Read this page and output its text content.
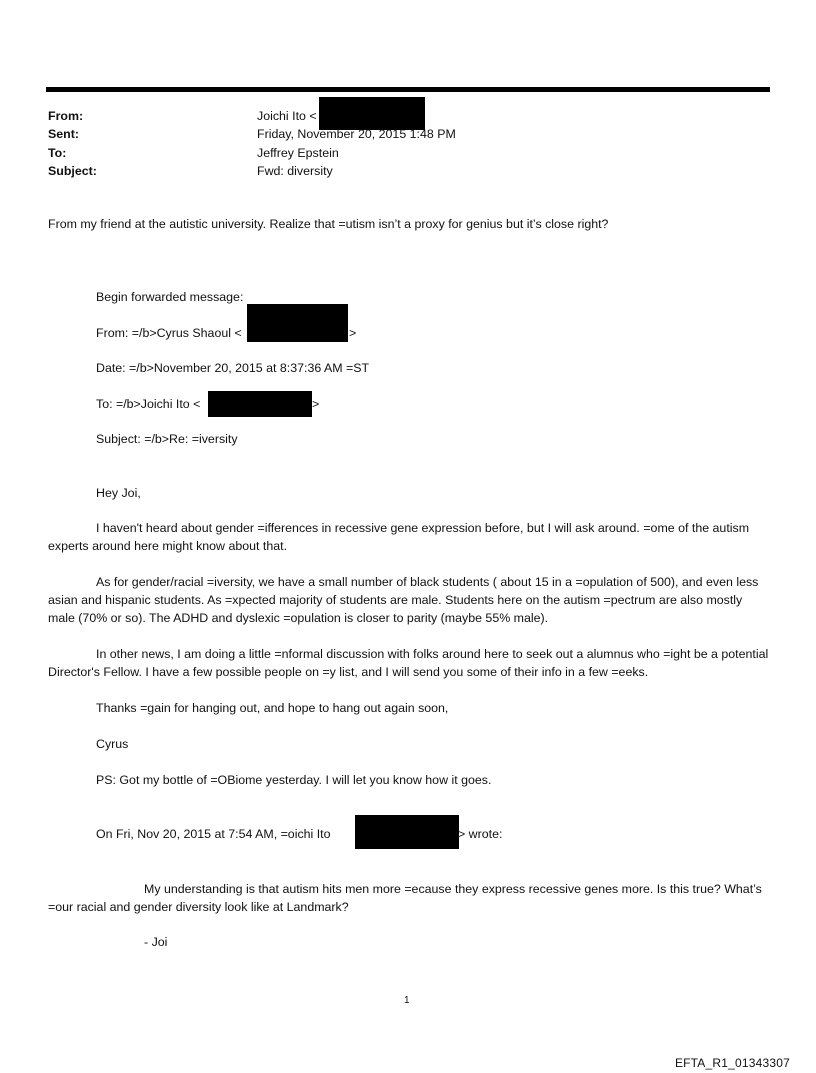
From:	Joichi Ito <
Sent:	Friday, November 20, 2015 1:48 PM
To:	Jeffrey Epstein
Subject:	Fwd: diversity
From my friend at the autistic university. Realize that =utism isn’t a proxy for genius but it’s close right?
Begin forwarded message:
From: =/b>Cyrus Shaoul <	>
Date: =/b>November 20, 2015 at 8:37:36 AM =ST
To: =/b>Joichi Ito <	>
Subject: =/b>Re: =iversity
Hey Joi,
I haven't heard about gender =ifferences in recessive gene expression before, but I will ask around. =ome of the autism experts around here might know about that.
As for gender/racial =iversity, we have a small number of black students ( about 15 in a =opulation of 500), and even less asian and hispanic students. As =xpected majority of students are male. Students here on the autism =pectrum are also mostly male (70% or so). The ADHD and dyslexic =opulation is closer to parity (maybe 55% male).
In other news, I am doing a little =nformal discussion with folks around here to seek out a alumnus who =ight be a potential Director's Fellow. I have a few possible people on =y list, and I will send you some of their info in a few =eeks.
Thanks =gain for hanging out, and hope to hang out again soon,
Cyrus
PS: Got my bottle of =OBiome yesterday. I will let you know how it goes.
On Fri, Nov 20, 2015 at 7:54 AM, =oichi Ito	> wrote:
My understanding is that autism hits men more =ecause they express recessive genes more. Is this true? What’s =our racial and gender diversity look like at Landmark?
- Joi
1
EFTA_R1_01343307
